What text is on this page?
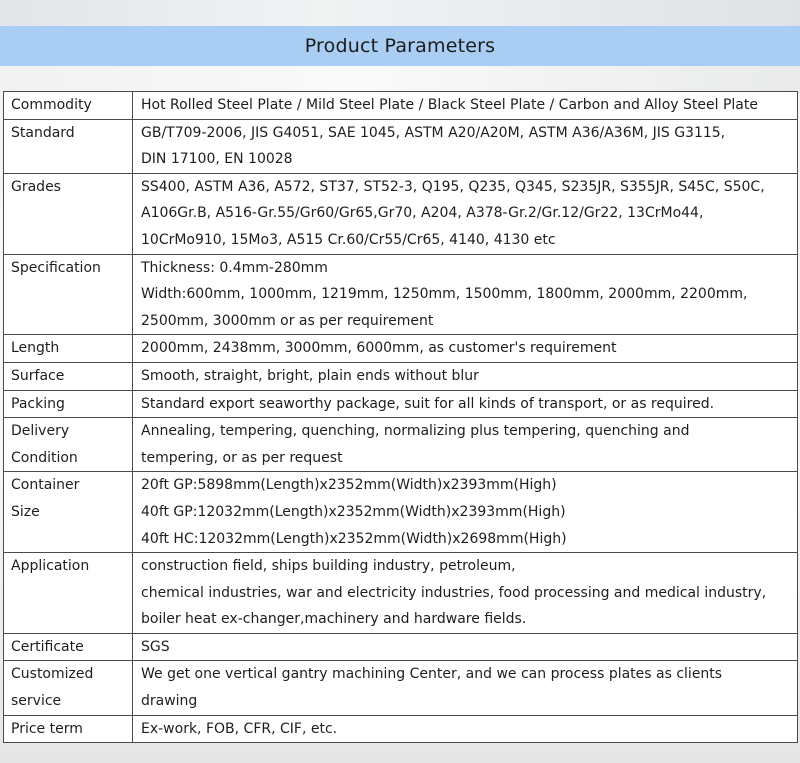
Product Parameters
Commodity	Hot Rolled Steel Plate / Mild Steel Plate / Black Steel Plate / Carbon and Alloy Steel Plate

Standard	GB/T709-2006, JIS G4051, SAE 1045, ASTM A20/A20M, ASTM A36/A36M, JIS G3115,
DIN 17100, EN 10028

Grades	SS400, ASTM A36, A572, ST37, ST52-3, Q195, Q235, Q345, S235JR, S355JR, S45C, S50C,
A106Gr.B, A516-Gr.55/Gr60/Gr65,Gr70, A204, A378-Gr.2/Gr.12/Gr22, 13CrMo44,
10CrMo910, 15Mo3, A515 Cr.60/Cr55/Cr65, 4140, 4130 etc

Specification	Thickness: 0.4mm-280mm
Width:600mm, 1000mm, 1219mm, 1250mm, 1500mm, 1800mm, 2000mm, 2200mm,
2500mm, 3000mm or as per requirement

Length	2000mm, 2438mm, 3000mm, 6000mm, as customer's requirement

Surface	Smooth, straight, bright, plain ends without blur

Packing	Standard export seaworthy package, suit for all kinds of transport, or as required.

Delivery
Condition	Annealing, tempering, quenching, normalizing plus tempering, quenching and
tempering, or as per request

Container
Size	20ft GP:5898mm(Length)x2352mm(Width)x2393mm(High)
40ft GP:12032mm(Length)x2352mm(Width)x2393mm(High)
40ft HC:12032mm(Length)x2352mm(Width)x2698mm(High)

Application	construction field, ships building industry, petroleum,
chemical industries, war and electricity industries, food processing and medical industry,
boiler heat ex-changer,machinery and hardware fields.

Certificate	SGS

Customized
service	We get one vertical gantry machining Center, and we can process plates as clients
drawing

Price term	Ex-work, FOB, CFR, CIF, etc.
